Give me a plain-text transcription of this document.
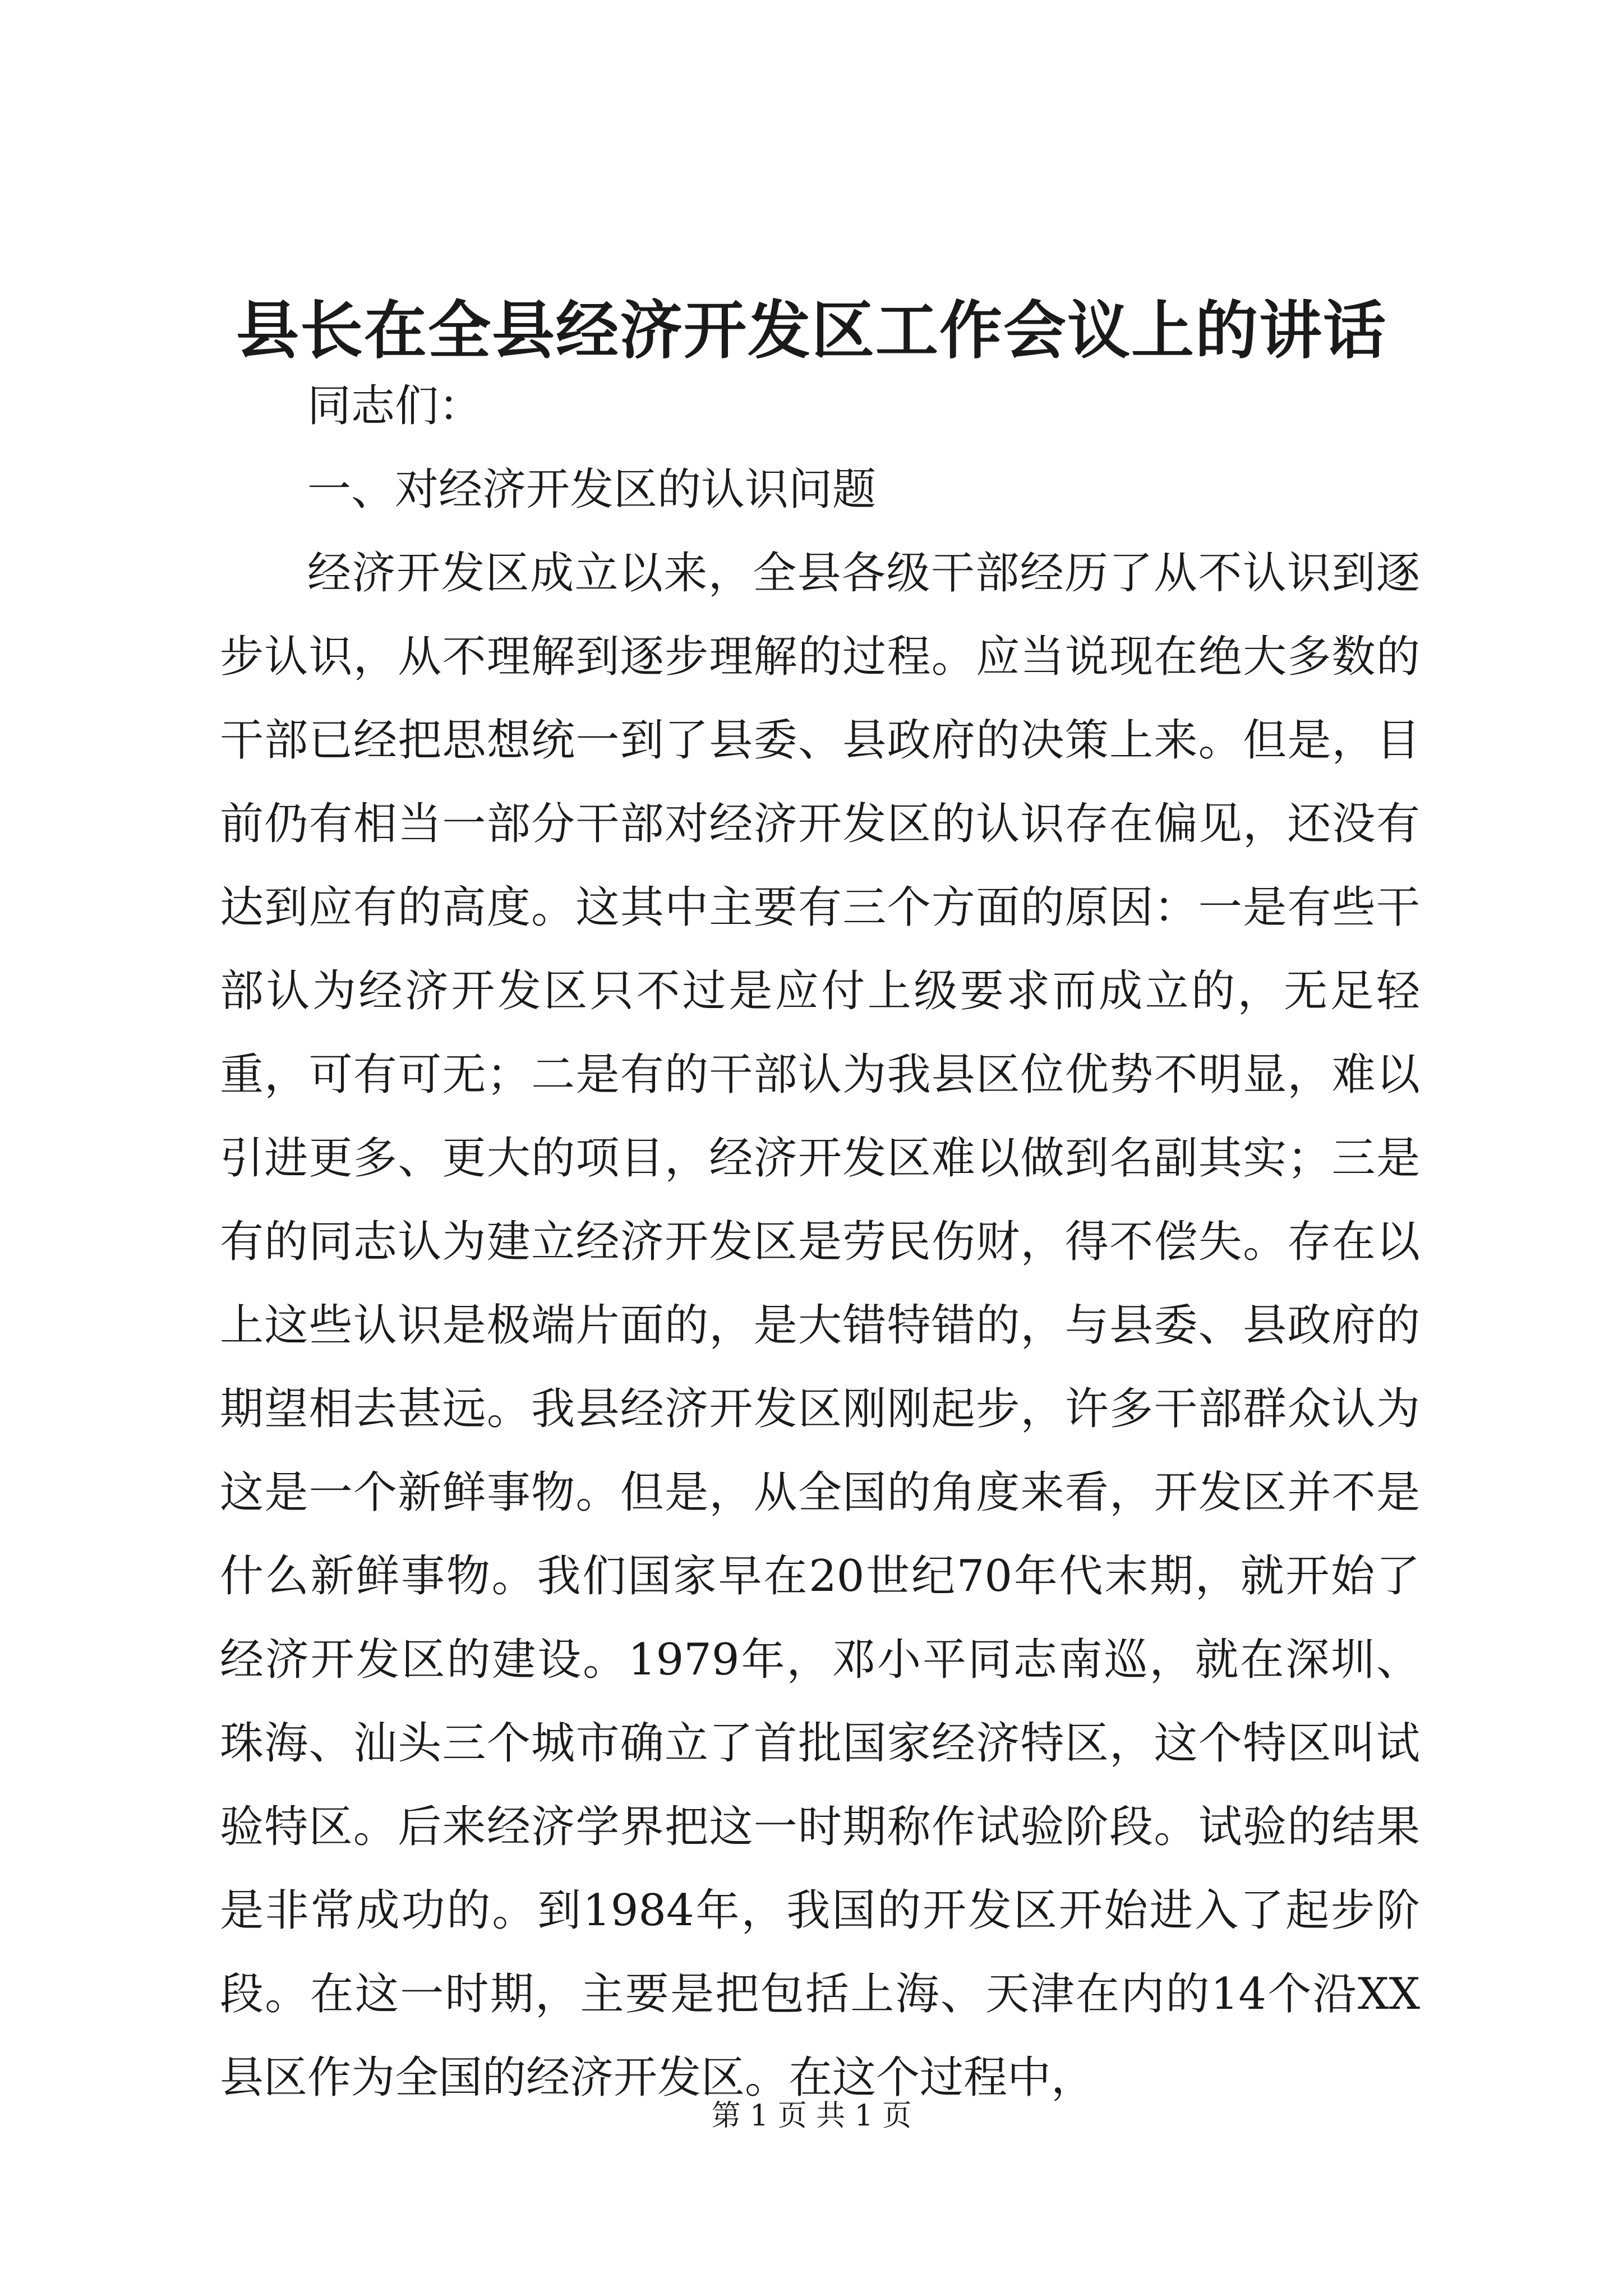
县长在全县经济开发区工作会议上的讲话

同志们：

一、对经济开发区的认识问题

经济开发区成立以来，全县各级干部经历了从不认识到逐步认识，从不理解到逐步理解的过程。应当说现在绝大多数的干部已经把思想统一到了县委、县政府的决策上来。但是，目前仍有相当一部分干部对经济开发区的认识存在偏见，还没有达到应有的高度。这其中主要有三个方面的原因：一是有些干部认为经济开发区只不过是应付上级要求而成立的，无足轻重，可有可无；二是有的干部认为我县区位优势不明显，难以引进更多、更大的项目，经济开发区难以做到名副其实；三是有的同志认为建立经济开发区是劳民伤财，得不偿失。存在以上这些认识是极端片面的，是大错特错的，与县委、县政府的期望相去甚远。我县经济开发区刚刚起步，许多干部群众认为这是一个新鲜事物。但是，从全国的角度来看，开发区并不是什么新鲜事物。我们国家早在20世纪70年代末期，就开始了经济开发区的建设。1979年，邓小平同志南巡，就在深圳、珠海、汕头三个城市确立了首批国家经济特区，这个特区叫试验特区。后来经济学界把这一时期称作试验阶段。试验的结果是非常成功的。到1984年，我国的开发区开始进入了起步阶段。在这一时期，主要是把包括上海、天津在内的14个沿XX县区作为全国的经济开发区。在这个过程中，

第 1 页 共 1 页
